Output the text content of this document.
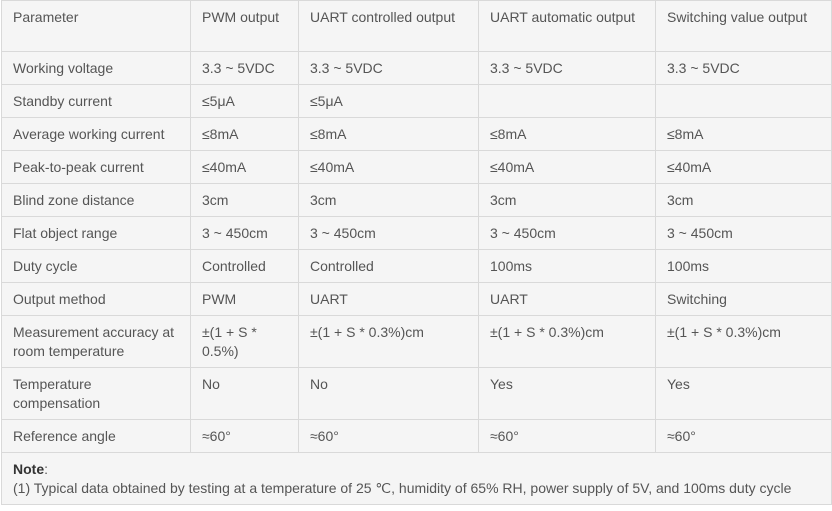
Parameter	PWM output	UART controlled output	UART automatic output	Switching value output
Working voltage	3.3 ~ 5VDC	3.3 ~ 5VDC	3.3 ~ 5VDC	3.3 ~ 5VDC
Standby current	≤5μA	≤5μA		
Average working current	≤8mA	≤8mA	≤8mA	≤8mA
Peak-to-peak current	≤40mA	≤40mA	≤40mA	≤40mA
Blind zone distance	3cm	3cm	3cm	3cm
Flat object range	3 ~ 450cm	3 ~ 450cm	3 ~ 450cm	3 ~ 450cm
Duty cycle	Controlled	Controlled	100ms	100ms
Output method	PWM	UART	UART	Switching
Measurement accuracy at room temperature	±(1 + S * 0.5%)	±(1 + S * 0.3%)cm	±(1 + S * 0.3%)cm	±(1 + S * 0.3%)cm
Temperature compensation	No	No	Yes	Yes
Reference angle	≈60°	≈60°	≈60°	≈60°
Note:
(1) Typical data obtained by testing at a temperature of 25 ℃, humidity of 65% RH, power supply of 5V, and 100ms duty cycle				
